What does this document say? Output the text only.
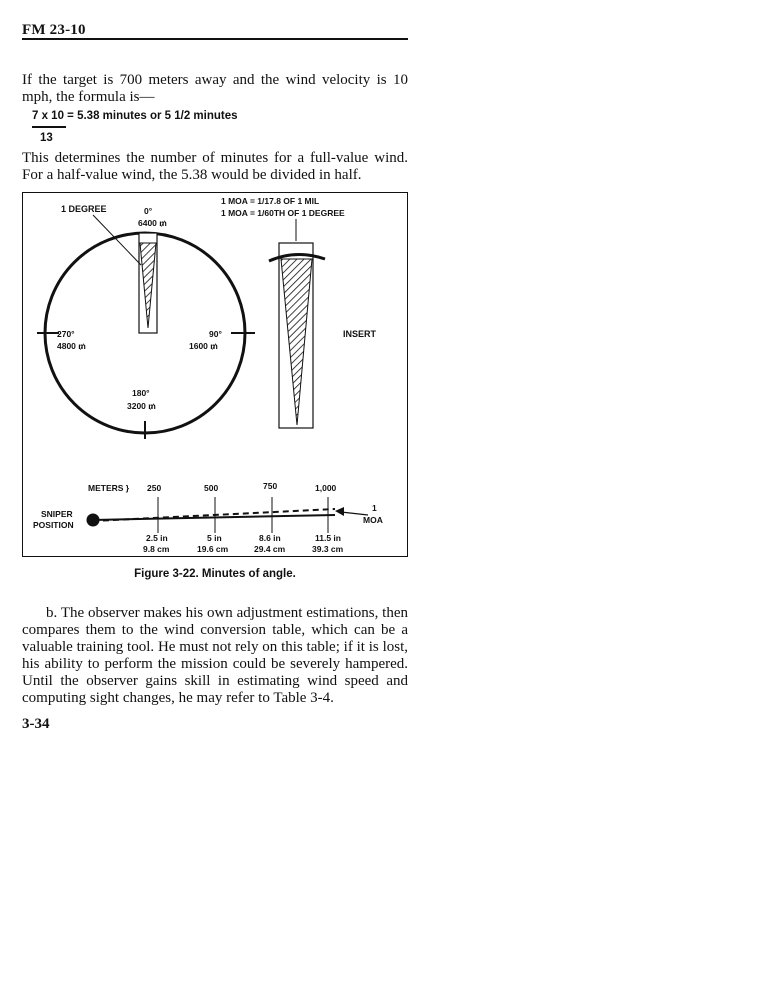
FM 23-10
If the target is 700 meters away and the wind velocity is 10 mph, the formula is—
7 x 10 = 5.38 minutes or 5 1/2 minutes
13
This determines the number of minutes for a full-value wind. For a half-value wind, the 5.38 would be divided in half.
1 DEGREE
1 MOA = 1/17.8 OF 1 MIL
1 MOA = 1/60TH OF 1 DEGREE
0°
6400 ₥
270°
4800 ₥
90°
1600 ₥
180°
3200 ₥
INSERT
METERS } 250	500	750	1,000
SNIPER
POSITION
1
MOA
2.5 in	5 in	8.6 in	11.5 in
9.8 cm	19.6 cm	29.4 cm	39.3 cm
Figure 3-22. Minutes of angle.
b. The observer makes his own adjustment estimations, then compares them to the wind conversion table, which can be a valuable training tool. He must not rely on this table; if it is lost, his ability to perform the mission could be severely hampered. Until the observer gains skill in estimating wind speed and computing sight changes, he may refer to Table 3-4.
3-34
